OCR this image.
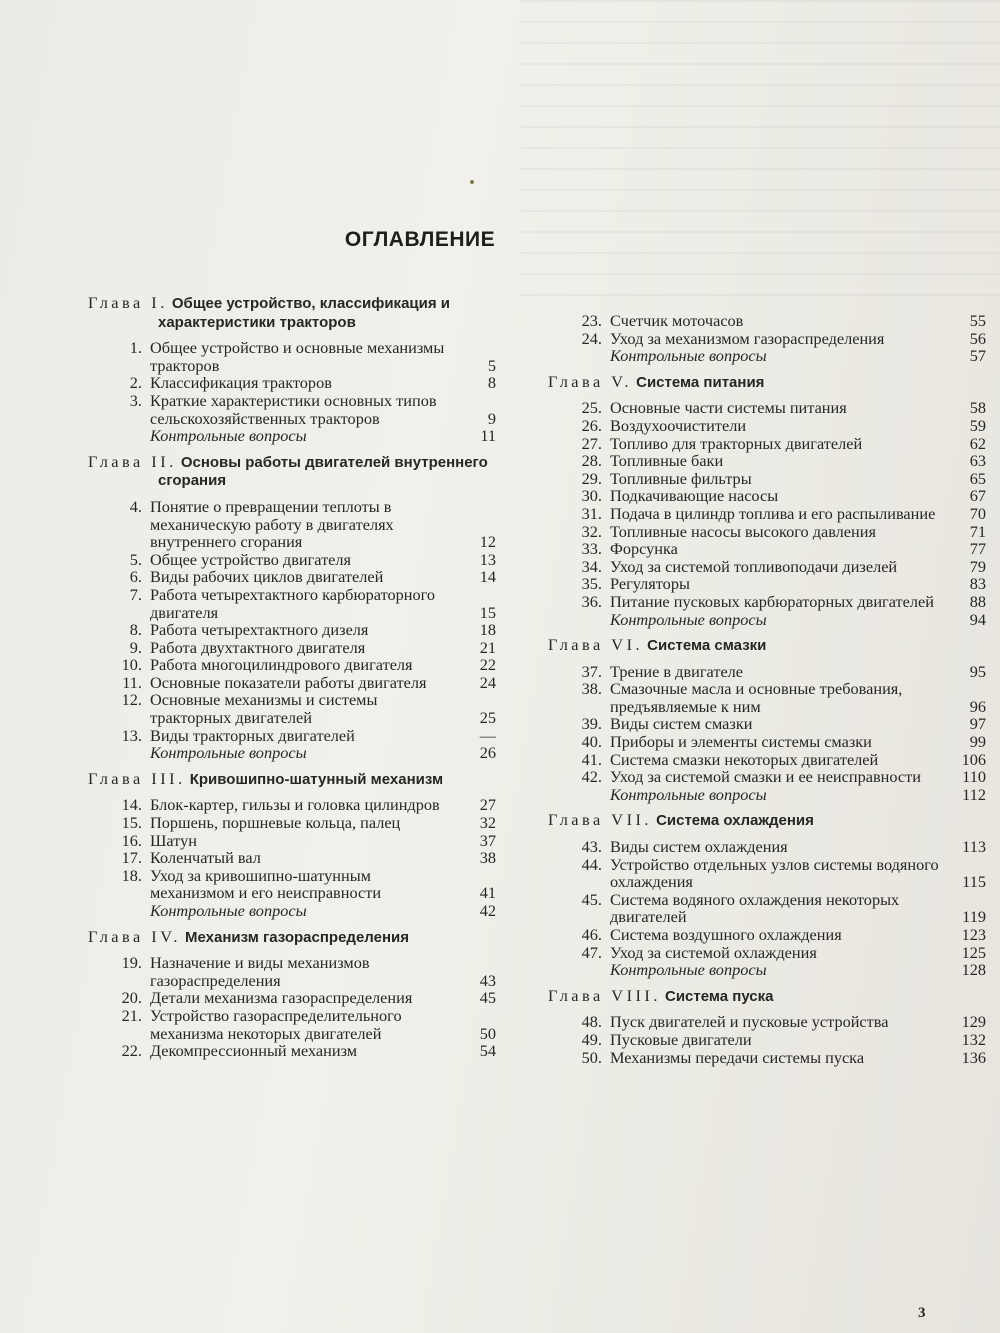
ОГЛАВЛЕНИЕ
Глава I. Общее устройство, классификация и характеристики тракторов
1. Общее устройство и основные механизмы тракторов	5
2. Классификация тракторов	8
3. Краткие характеристики основных типов сельскохозяйственных тракторов	9
Контрольные вопросы	11
Глава II. Основы работы двигателей внутреннего сгорания
4. Понятие о превращении теплоты в механическую работу в двигателях внутреннего сгорания	12
5. Общее устройство двигателя	13
6. Виды рабочих циклов двигателей	14
7. Работа четырехтактного карбюраторного двигателя	15
8. Работа четырехтактного дизеля	18
9. Работа двухтактного двигателя	21
10. Работа многоцилиндрового двигателя	22
11. Основные показатели работы двигателя	24
12. Основные механизмы и системы тракторных двигателей	25
13. Виды тракторных двигателей	—
Контрольные вопросы	26
Глава III. Кривошипно-шатунный механизм
14. Блок-картер, гильзы и головка цилиндров	27
15. Поршень, поршневые кольца, палец	32
16. Шатун	37
17. Коленчатый вал	38
18. Уход за кривошипно-шатунным механизмом и его неисправности	41
Контрольные вопросы	42
Глава IV. Механизм газораспределения
19. Назначение и виды механизмов газораспределения	43
20. Детали механизма газораспределения	45
21. Устройство газораспределительного механизма некоторых двигателей	50
22. Декомпрессионный механизм	54
23. Счетчик моточасов	55
24. Уход за механизмом газораспределения	56
Контрольные вопросы	57
Глава V. Система питания
25. Основные части системы питания	58
26. Воздухоочистители	59
27. Топливо для тракторных двигателей	62
28. Топливные баки	63
29. Топливные фильтры	65
30. Подкачивающие насосы	67
31. Подача в цилиндр топлива и его распыливание	70
32. Топливные насосы высокого давления	71
33. Форсунка	77
34. Уход за системой топливоподачи дизелей	79
35. Регуляторы	83
36. Питание пусковых карбюраторных двигателей	88
Контрольные вопросы	94
Глава VI. Система смазки
37. Трение в двигателе	95
38. Смазочные масла и основные требования, предъявляемые к ним	96
39. Виды систем смазки	97
40. Приборы и элементы системы смазки	99
41. Система смазки некоторых двигателей	106
42. Уход за системой смазки и ее неисправности	110
Контрольные вопросы	112
Глава VII. Система охлаждения
43. Виды систем охлаждения	113
44. Устройство отдельных узлов системы водяного охлаждения	115
45. Система водяного охлаждения некоторых двигателей	119
46. Система воздушного охлаждения	123
47. Уход за системой охлаждения	125
Контрольные вопросы	128
Глава VIII. Система пуска
48. Пуск двигателей и пусковые устройства	129
49. Пусковые двигатели	132
50. Механизмы передачи системы пуска	136
3
